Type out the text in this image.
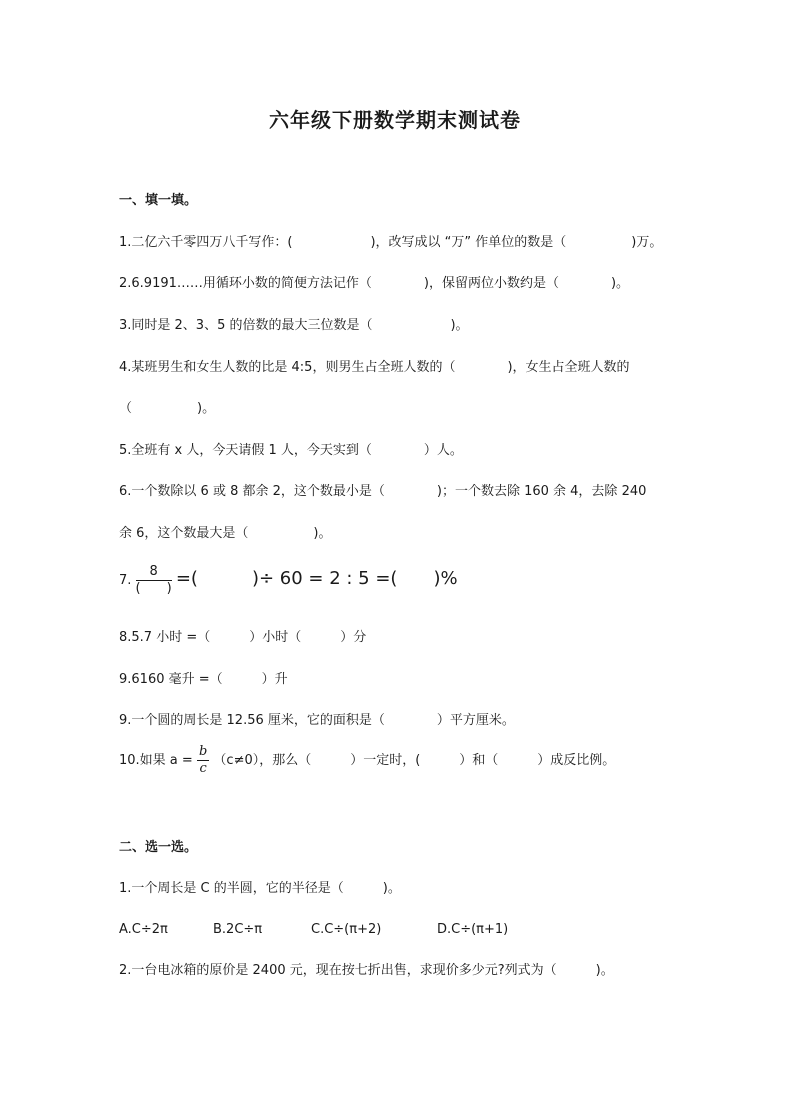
六年级下册数学期末测试卷
一、填一填。
1.二亿六千零四万八千写作：(　　　　　　)，改写成以 “万” 作单位的数是（　　　　　)万。
2.6.9191……用循环小数的简便方法记作（　　　　)，保留两位小数约是（　　　　)。
3.同时是 2、3、5 的倍数的最大三位数是（　　　　　　)。
4.某班男生和女生人数的比是 4:5，则男生占全班人数的（　　　　)，女生占全班人数的
（　　　　　)。
5.全班有 x 人，今天请假 1 人，今天实到（　　　　）人。
6.一个数除以 6 或 8 都余 2，这个数最小是（　　　　)；一个数去除 160 余 4，去除 240
余 6，这个数最大是（　　　　　)。
7. $\frac{8}{( )}$ =(　　　)÷ 60 = 2 : 5 =(　　)%
8.5.7 小时 =（　　　）小时（　　　）分
9.6160 毫升 =（　　　）升
9.一个圆的周长是 12.56 厘米，它的面积是（　　　　）平方厘米。
10.如果 $a = \frac{b}{c} (c\ne 0)$，那么（　　　）一定时，(　　　）和（　　　）成反比例。
二、选一选。
1.一个周长是 C 的半圆，它的半径是（　　　)。
A.C÷2π	B.2C÷π	C.C÷(π+2)	D.C÷(π+1)
2.一台电冰箱的原价是 2400 元，现在按七折出售，求现价多少元?列式为（　　　)。
